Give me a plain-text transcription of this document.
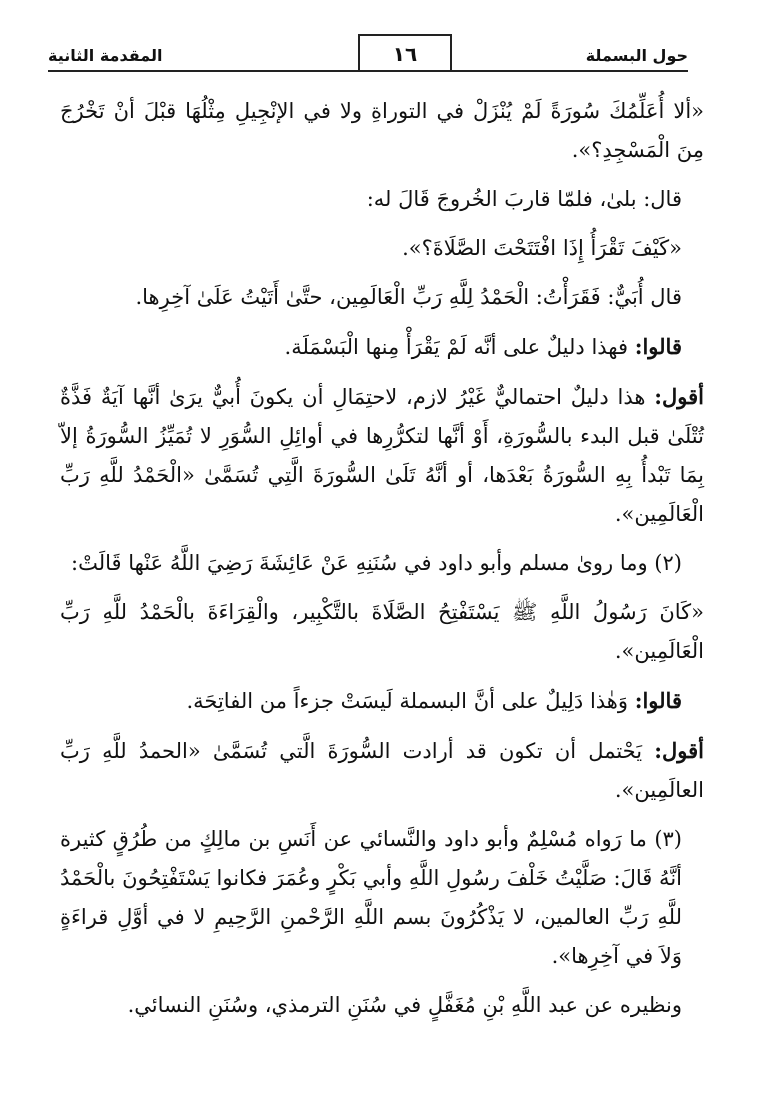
حول البسملة
١٦
المقدمة الثانية

«ألا أُعَلِّمُكَ سُورَةً لَمْ يُنْزَلْ في التوراةِ ولا في الإنْجِيلِ مِثْلُهَا قبْلَ أنْ تَخْرُجَ مِنَ الْمَسْجِدِ؟».

قال: بلىٰ، فلمّا قاربَ الخُروجَ قَالَ له:

«كَيْفَ تَقْرَأُ إِذَا افْتَتَحْتَ الصَّلَاةَ؟».

قال أُبَيٌّ: فَقَرَأْتُ: الْحَمْدُ لِلَّهِ رَبِّ الْعَالَمِين، حتَّىٰ أَتَيْتُ عَلَىٰ آخِرِها.

قالوا: فهذا دليلٌ على أنَّه لَمْ يَقْرَأْ مِنها الْبَسْمَلَة.

أقول: هذا دليلٌ احتماليٌّ غَيْرُ لازم، لاحتِمَالِ أن يكونَ أُبيٌّ يرَىٰ أنَّها آيَةٌ فَذَّةٌ تُتْلَىٰ قبل البدء بالسُّورَةِ، أَوْ أنَّها لتكرُّرِها في أوائِلِ السُّوَرِ لا تُمَيِّزُ السُّورَةُ إلاّ بِمَا تَبْدأُ بِهِ السُّورَةُ بَعْدَها، أو أنَّهُ تَلَىٰ السُّورَةَ الَّتِي تُسَمَّىٰ «الْحَمْدُ للَّهِ رَبِّ الْعَالَمِين».

(٢) وما روىٰ مسلم وأبو داود في سُنَنِهِ عَنْ عَائِشَةَ رَضِيَ اللَّهُ عَنْها قَالَتْ:

«كَانَ رَسُولُ اللَّهِ ﷺ يَسْتَفْتِحُ الصَّلَاةَ بالتَّكْبِير، والْقِرَاءَةَ بالْحَمْدُ للَّهِ رَبِّ الْعَالَمِين».

قالوا: وَهٰذا دَلِيلٌ على أنَّ البسملة لَيسَتْ جزءاً من الفاتِحَة.

أقول: يَحْتمل أن تكون قد أرادت السُّورَةَ الَّتي تُسَمَّىٰ «الحمدُ للَّهِ رَبِّ العالَمِين».

(٣) ما رَواه مُسْلِمٌ وأبو داود والنَّسائي عن أَنَسِ بن مالِكٍ من طُرُقٍ كثيرة أنَّهُ قَالَ: صَلَّيْتُ خَلْفَ رسُولِ اللَّهِ وأبي بَكْرٍ وعُمَرَ فكانوا يَسْتَفْتِحُونَ بالْحَمْدُ للَّهِ رَبِّ العالمين، لا يَذْكُرُونَ بسم اللَّهِ الرَّحْمنِ الرَّحِيمِ لا في أوَّلِ قراءَةٍ وَلاَ في آخِرِها».

ونظيره عن عبد اللَّهِ بْنِ مُغَفَّلٍ في سُنَنِ الترمذي، وسُنَنِ النسائي.
